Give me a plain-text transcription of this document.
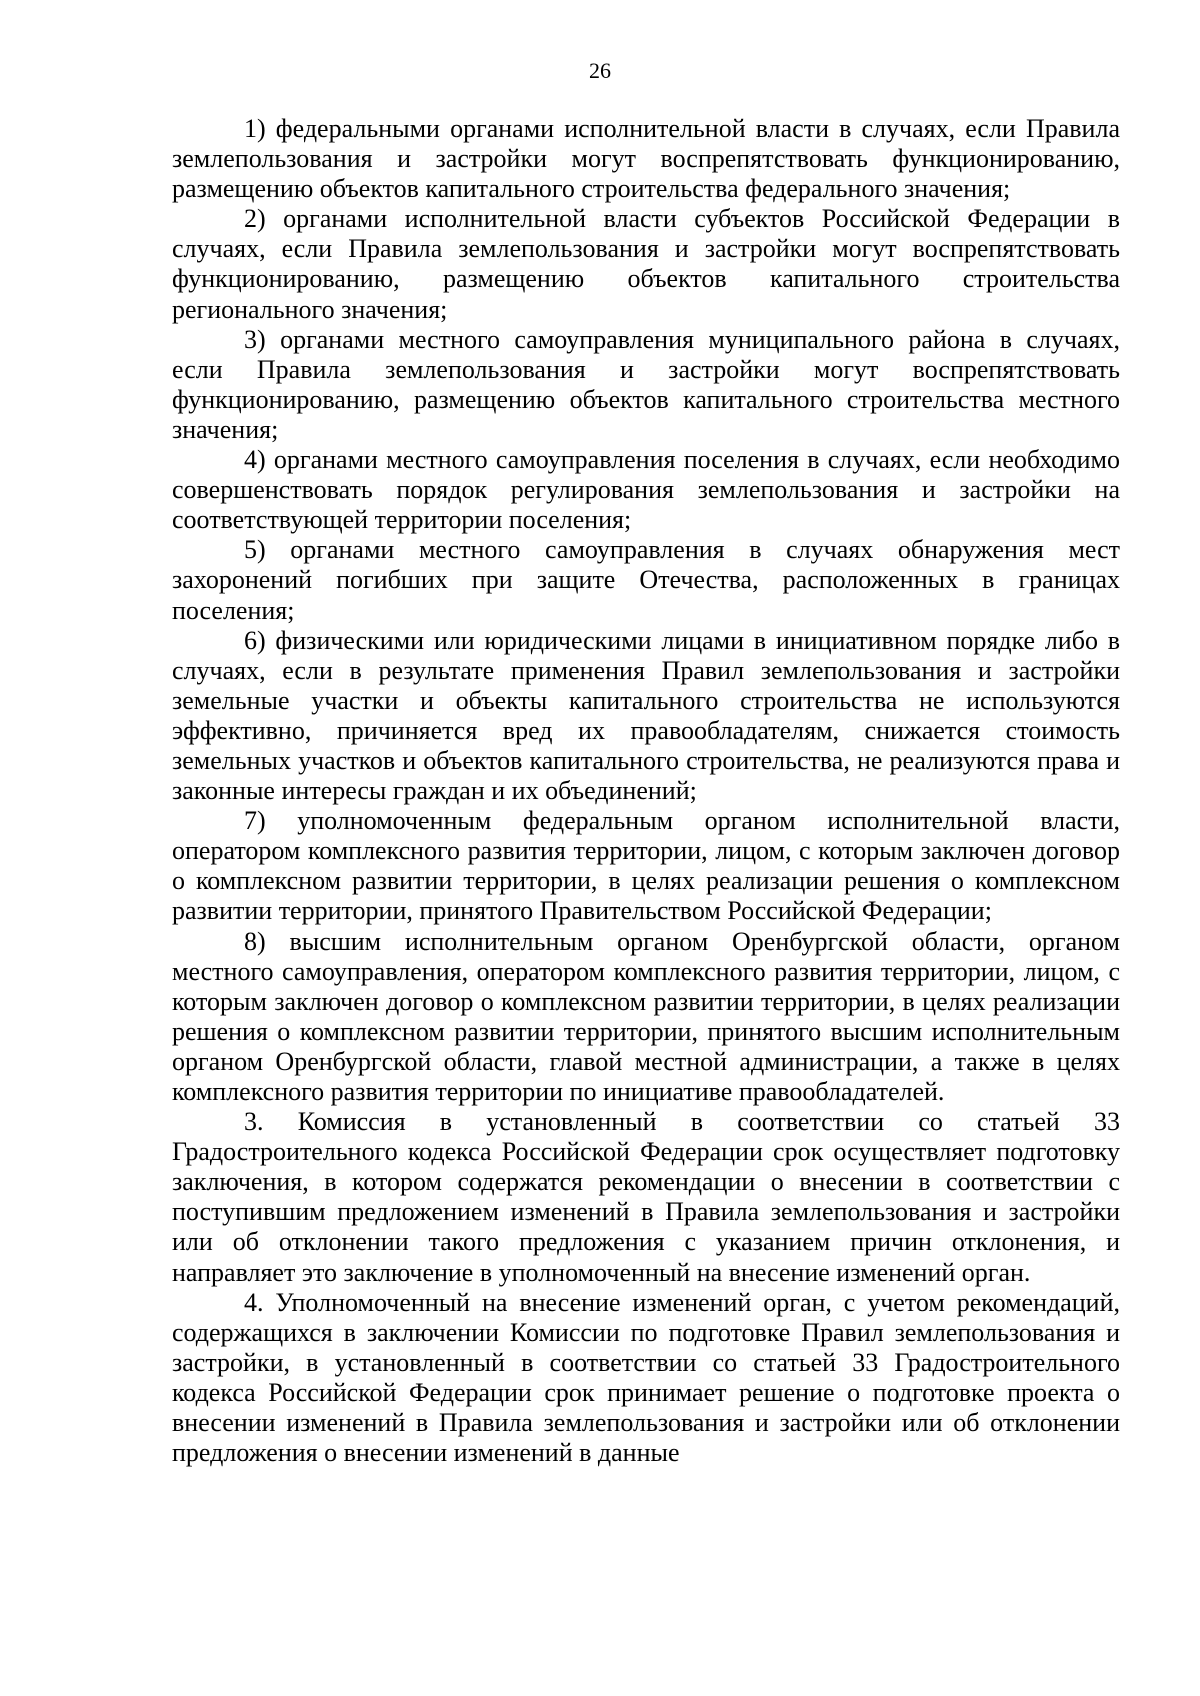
26

1) федеральными органами исполнительной власти в случаях, если Правила землепользования и застройки могут воспрепятствовать функционированию, размещению объектов капитального строительства федерального значения;

2) органами исполнительной власти субъектов Российской Федерации в случаях, если Правила землепользования и застройки могут воспрепятствовать функционированию, размещению объектов капитального строительства регионального значения;

3) органами местного самоуправления муниципального района в случаях, если Правила землепользования и застройки могут воспрепятствовать функционированию, размещению объектов капитального строительства местного значения;

4) органами местного самоуправления поселения в случаях, если необходимо совершенствовать порядок регулирования землепользования и застройки на соответствующей территории поселения;

5) органами местного самоуправления в случаях обнаружения мест захоронений погибших при защите Отечества, расположенных в границах поселения;

6) физическими или юридическими лицами в инициативном порядке либо в случаях, если в результате применения Правил землепользования и застройки земельные участки и объекты капитального строительства не используются эффективно, причиняется вред их правообладателям, снижается стоимость земельных участков и объектов капитального строительства, не реализуются права и законные интересы граждан и их объединений;

7) уполномоченным федеральным органом исполнительной власти, оператором комплексного развития территории, лицом, с которым заключен договор о комплексном развитии территории, в целях реализации решения о комплексном развитии территории, принятого Правительством Российской Федерации;

8) высшим исполнительным органом Оренбургской области, органом местного самоуправления, оператором комплексного развития территории, лицом, с которым заключен договор о комплексном развитии территории, в целях реализации решения о комплексном развитии территории, принятого высшим исполнительным органом Оренбургской области, главой местной администрации, а также в целях комплексного развития территории по инициативе правообладателей.

3. Комиссия в установленный в соответствии со статьей 33 Градостроительного кодекса Российской Федерации срок осуществляет подготовку заключения, в котором содержатся рекомендации о внесении в соответствии с поступившим предложением изменений в Правила землепользования и застройки или об отклонении такого предложения с указанием причин отклонения, и направляет это заключение в уполномоченный на внесение изменений орган.

4. Уполномоченный на внесение изменений орган, с учетом рекомендаций, содержащихся в заключении Комиссии по подготовке Правил землепользования и застройки, в установленный в соответствии со статьей 33 Градостроительного кодекса Российской Федерации срок принимает решение о подготовке проекта о внесении изменений в Правила землепользования и застройки или об отклонении предложения о внесении изменений в данные
